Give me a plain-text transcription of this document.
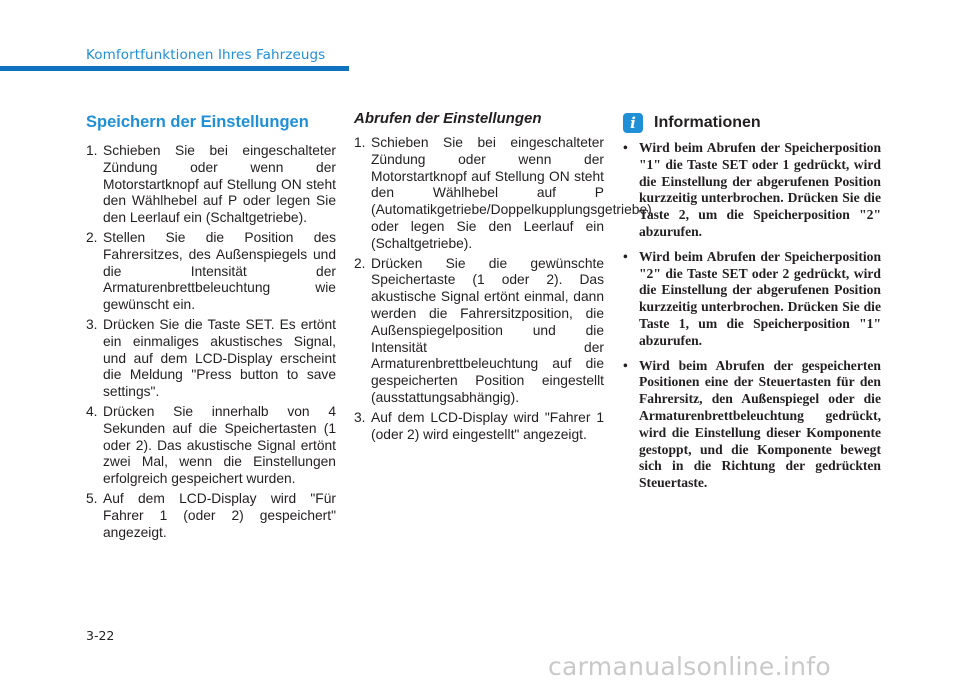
Komfortfunktionen Ihres Fahrzeugs
Speichern der Einstellungen
1. Schieben Sie bei eingeschalteter Zündung oder wenn der Motorstartknopf auf Stellung ON steht den Wählhebel auf P oder legen Sie den Leerlauf ein (Schaltgetriebe).
2. Stellen Sie die Position des Fahrersitzes, des Außenspiegels und die Intensität der Armaturenbrettbeleuchtung wie gewünscht ein.
3. Drücken Sie die Taste SET. Es ertönt ein einmaliges akustisches Signal, und auf dem LCD-Display erscheint die Meldung "Press button to save settings".
4. Drücken Sie innerhalb von 4 Sekunden auf die Speichertasten (1 oder 2). Das akustische Signal ertönt zwei Mal, wenn die Einstellungen erfolgreich gespeichert wurden.
5. Auf dem LCD-Display wird "Für Fahrer 1 (oder 2) gespeichert" angezeigt.
Abrufen der Einstellungen
1. Schieben Sie bei eingeschalteter Zündung oder wenn der Motorstartknopf auf Stellung ON steht den Wählhebel auf P (Automatikgetriebe/Doppelkupplungsgetriebe) oder legen Sie den Leerlauf ein (Schaltgetriebe).
2. Drücken Sie die gewünschte Speichertaste (1 oder 2). Das akustische Signal ertönt einmal, dann werden die Fahrersitzposition, die Außenspiegelposition und die Intensität der Armaturenbrettbeleuchtung auf die gespeicherten Position eingestellt (ausstattungsabhängig).
3. Auf dem LCD-Display wird "Fahrer 1 (oder 2) wird eingestellt" angezeigt.
i	Informationen
• Wird beim Abrufen der Speicherposition "1" die Taste SET oder 1 gedrückt, wird die Einstellung der abgerufenen Position kurzzeitig unterbrochen. Drücken Sie die Taste 2, um die Speicherposition "2" abzurufen.
• Wird beim Abrufen der Speicherposition "2" die Taste SET oder 2 gedrückt, wird die Einstellung der abgerufenen Position kurzzeitig unterbrochen. Drücken Sie die Taste 1, um die Speicherposition "1" abzurufen.
• Wird beim Abrufen der gespeicherten Positionen eine der Steuertasten für den Fahrersitz, den Außenspiegel oder die Armaturenbrettbeleuchtung gedrückt, wird die Einstellung dieser Komponente gestoppt, und die Komponente bewegt sich in die Richtung der gedrückten Steuertaste.
3-22
carmanualsonline.info
